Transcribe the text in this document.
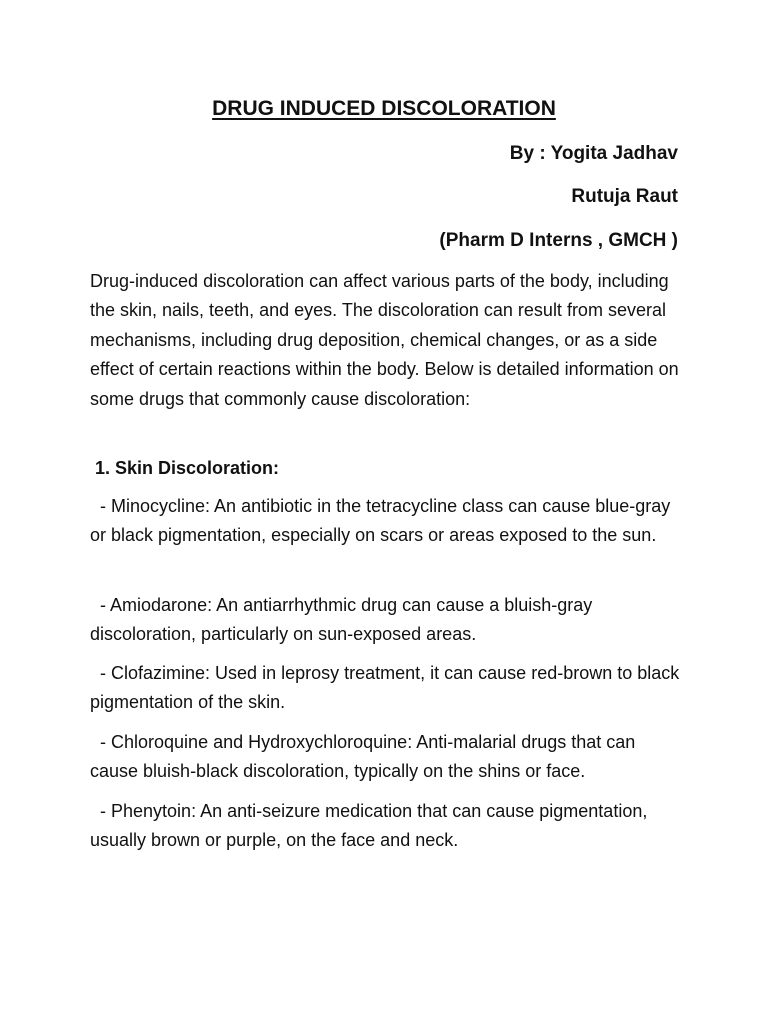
DRUG INDUCED DISCOLORATION
By : Yogita Jadhav
Rutuja Raut
(Pharm D Interns , GMCH )

Drug-induced discoloration can affect various parts of the body, including the skin, nails, teeth, and eyes. The discoloration can result from several mechanisms, including drug deposition, chemical changes, or as a side effect of certain reactions within the body. Below is detailed information on some drugs that commonly cause discoloration:

1. Skin Discoloration:

- Minocycline: An antibiotic in the tetracycline class can cause blue-gray or black pigmentation, especially on scars or areas exposed to the sun.

- Amiodarone: An antiarrhythmic drug can cause a bluish-gray discoloration, particularly on sun-exposed areas.

- Clofazimine: Used in leprosy treatment, it can cause red-brown to black pigmentation of the skin.

- Chloroquine and Hydroxychloroquine: Anti-malarial drugs that can cause bluish-black discoloration, typically on the shins or face.

- Phenytoin: An anti-seizure medication that can cause pigmentation, usually brown or purple, on the face and neck.
